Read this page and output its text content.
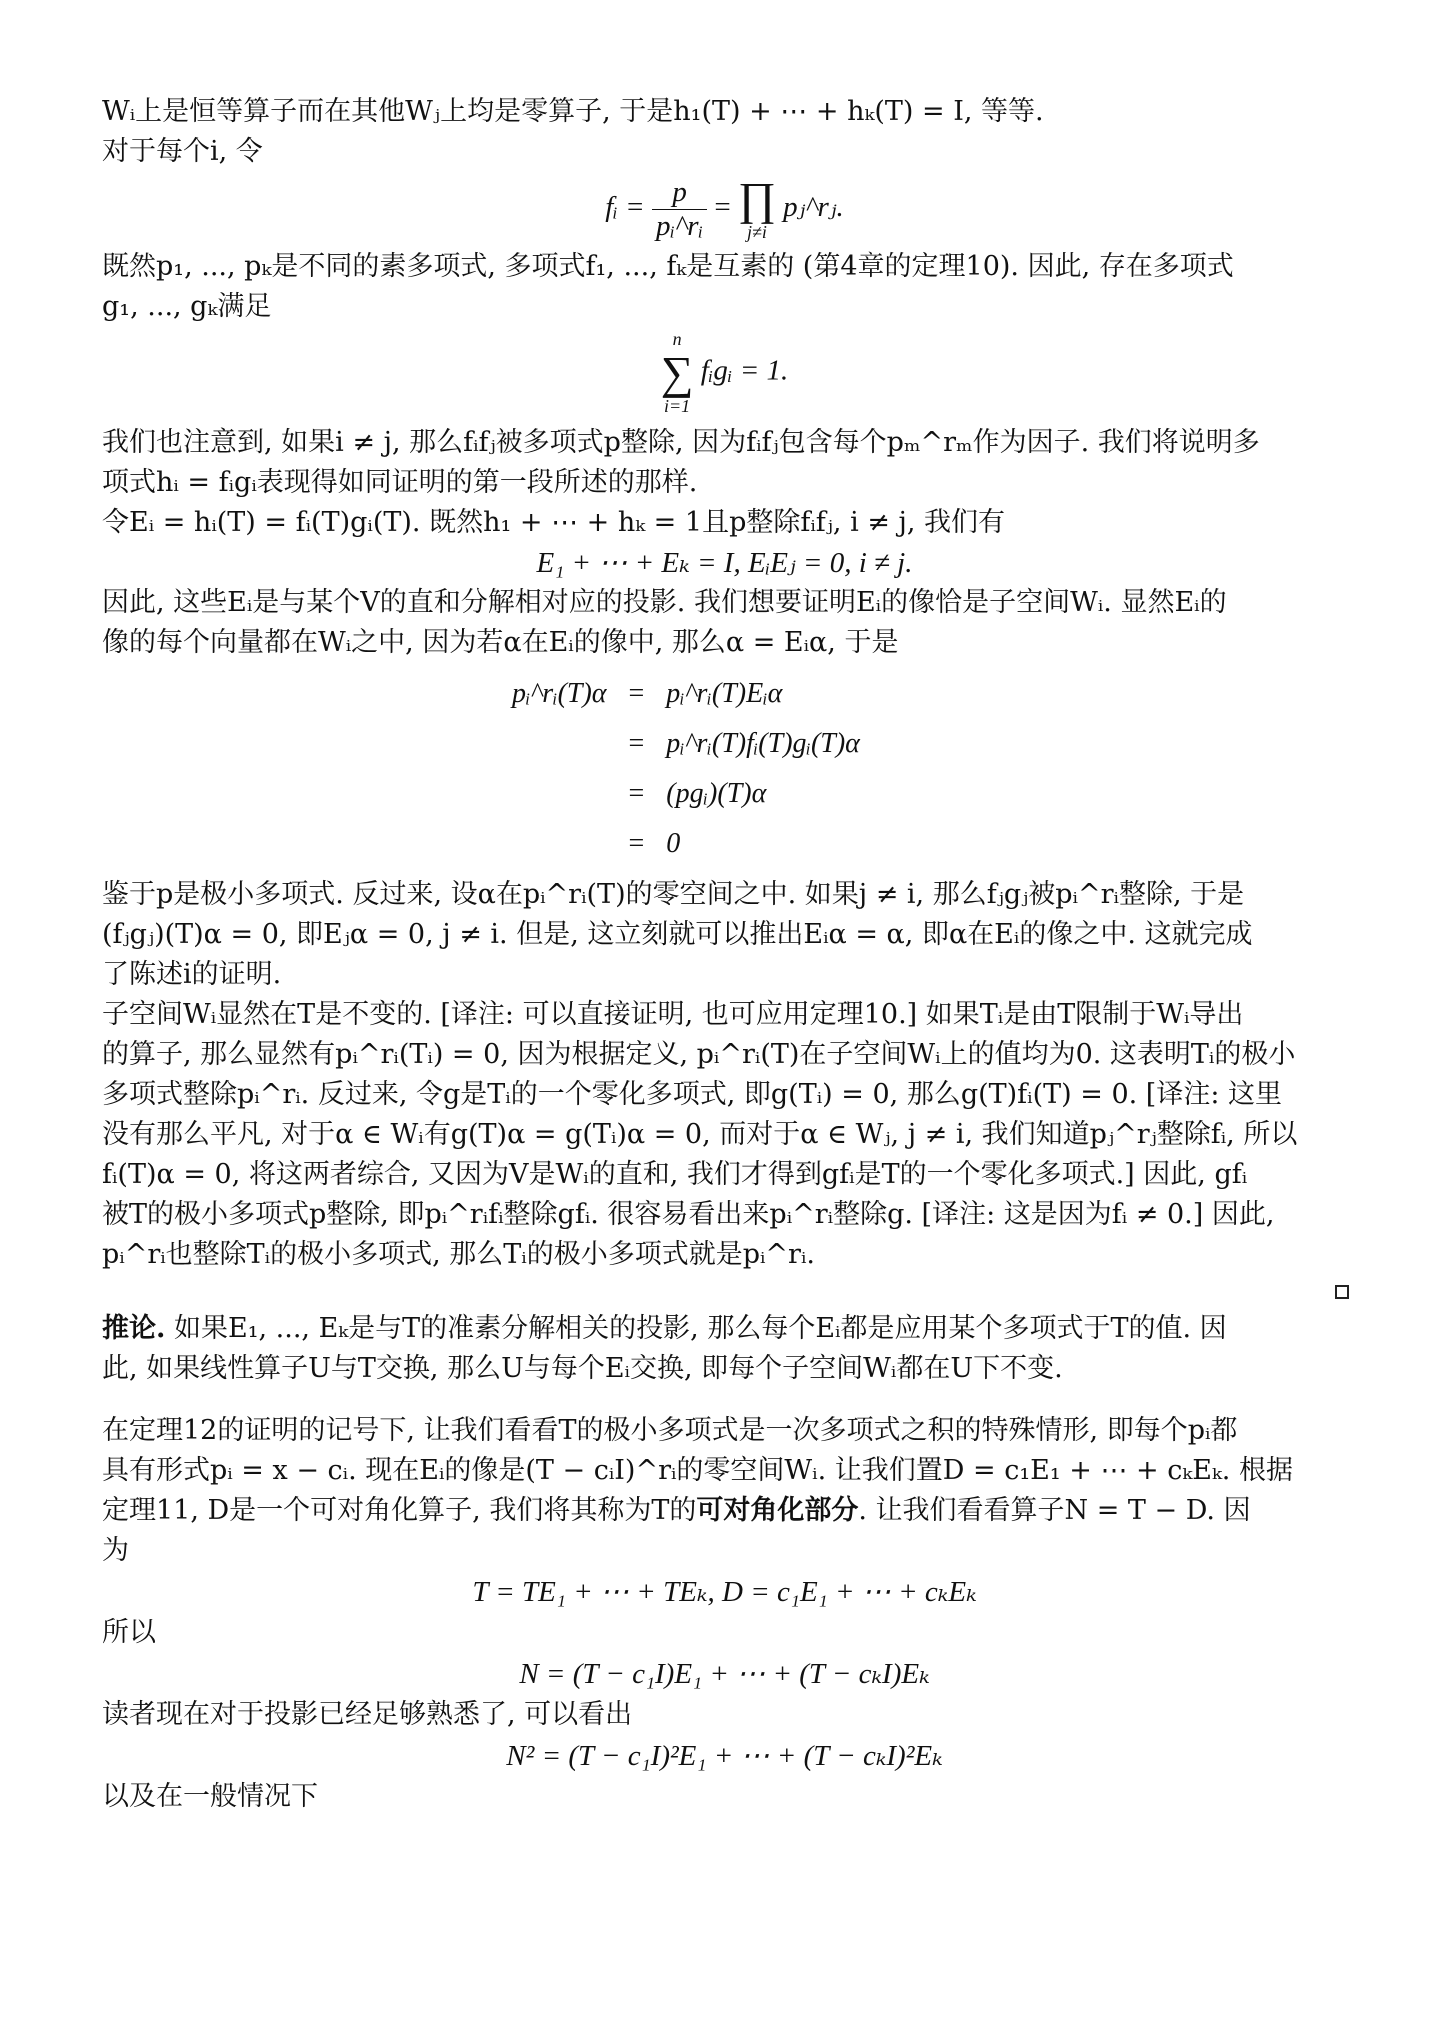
Wᵢ上是恒等算子而在其他Wⱼ上均是零算子, 于是h₁(T) + ⋯ + hₖ(T) = I, 等等.
对于每个i, 令
fᵢ = $\frac{p}{\text{pᵢ\textasciicircum{}rᵢ}}$ = ∏
j≠i
pⱼ^rⱼ.
既然p₁, ..., pₖ是不同的素多项式, 多项式f₁, ..., fₖ是互素的 (第4章的定理10). 因此, 存在多项式
g₁, ..., gₖ满足
n
∑
i=1
fᵢgᵢ = 1.
我们也注意到, 如果i ≠ j, 那么fᵢfⱼ被多项式p整除, 因为fᵢfⱼ包含每个pₘ^rₘ作为因子. 我们将说明多
项式hᵢ = fᵢgᵢ表现得如同证明的第一段所述的那样.
令Eᵢ = hᵢ(T) = fᵢ(T)gᵢ(T). 既然h₁ + ⋯ + hₖ = 1且p整除fᵢfⱼ, i ≠ j, 我们有
E₁ + ⋯ + Eₖ = I, EᵢEⱼ = 0, i ≠ j.
因此, 这些Eᵢ是与某个V的直和分解相对应的投影. 我们想要证明Eᵢ的像恰是子空间Wᵢ. 显然Eᵢ的
像的每个向量都在Wᵢ之中, 因为若α在Eᵢ的像中, 那么α = Eᵢα, 于是
pᵢ^rᵢ(T)α	=	pᵢ^rᵢ(T)Eᵢα
	=	pᵢ^rᵢ(T)fᵢ(T)gᵢ(T)α
	=	(pgᵢ)(T)α
	=	0
鉴于p是极小多项式. 反过来, 设α在pᵢ^rᵢ(T)的零空间之中. 如果j ≠ i, 那么fⱼgⱼ被pᵢ^rᵢ整除, 于是
(fⱼgⱼ)(T)α = 0, 即Eⱼα = 0, j ≠ i. 但是, 这立刻就可以推出Eᵢα = α, 即α在Eᵢ的像之中. 这就完成
了陈述i的证明.
子空间Wᵢ显然在T是不变的. [译注: 可以直接证明, 也可应用定理10.] 如果Tᵢ是由T限制于Wᵢ导出
的算子, 那么显然有pᵢ^rᵢ(Tᵢ) = 0, 因为根据定义, pᵢ^rᵢ(T)在子空间Wᵢ上的值均为0. 这表明Tᵢ的极小
多项式整除pᵢ^rᵢ. 反过来, 令g是Tᵢ的一个零化多项式, 即g(Tᵢ) = 0, 那么g(T)fᵢ(T) = 0. [译注: 这里
没有那么平凡, 对于α ∈ Wᵢ有g(T)α = g(Tᵢ)α = 0, 而对于α ∈ Wⱼ, j ≠ i, 我们知道pⱼ^rⱼ整除fᵢ, 所以
fᵢ(T)α = 0, 将这两者综合, 又因为V是Wᵢ的直和, 我们才得到gfᵢ是T的一个零化多项式.] 因此, gfᵢ
被T的极小多项式p整除, 即pᵢ^rᵢfᵢ整除gfᵢ. 很容易看出来pᵢ^rᵢ整除g. [译注: 这是因为fᵢ ≠ 0.] 因此,
pᵢ^rᵢ也整除Tᵢ的极小多项式, 那么Tᵢ的极小多项式就是pᵢ^rᵢ.
推论. 如果E₁, ..., Eₖ是与T的准素分解相关的投影, 那么每个Eᵢ都是应用某个多项式于T的值. 因
此, 如果线性算子U与T交换, 那么U与每个Eᵢ交换, 即每个子空间Wᵢ都在U下不变.
在定理12的证明的记号下, 让我们看看T的极小多项式是一次多项式之积的特殊情形, 即每个pᵢ都
具有形式pᵢ = x − cᵢ. 现在Eᵢ的像是(T − cᵢI)^rᵢ的零空间Wᵢ. 让我们置D = c₁E₁ + ⋯ + cₖEₖ. 根据
定理11, D是一个可对角化算子, 我们将其称为T的可对角化部分. 让我们看看算子N = T − D. 因
为
T = TE₁ + ⋯ + TEₖ, D = c₁E₁ + ⋯ + cₖEₖ
所以
N = (T − c₁I)E₁ + ⋯ + (T − cₖI)Eₖ
读者现在对于投影已经足够熟悉了, 可以看出
N² = (T − c₁I)²E₁ + ⋯ + (T − cₖI)²Eₖ
以及在一般情况下
